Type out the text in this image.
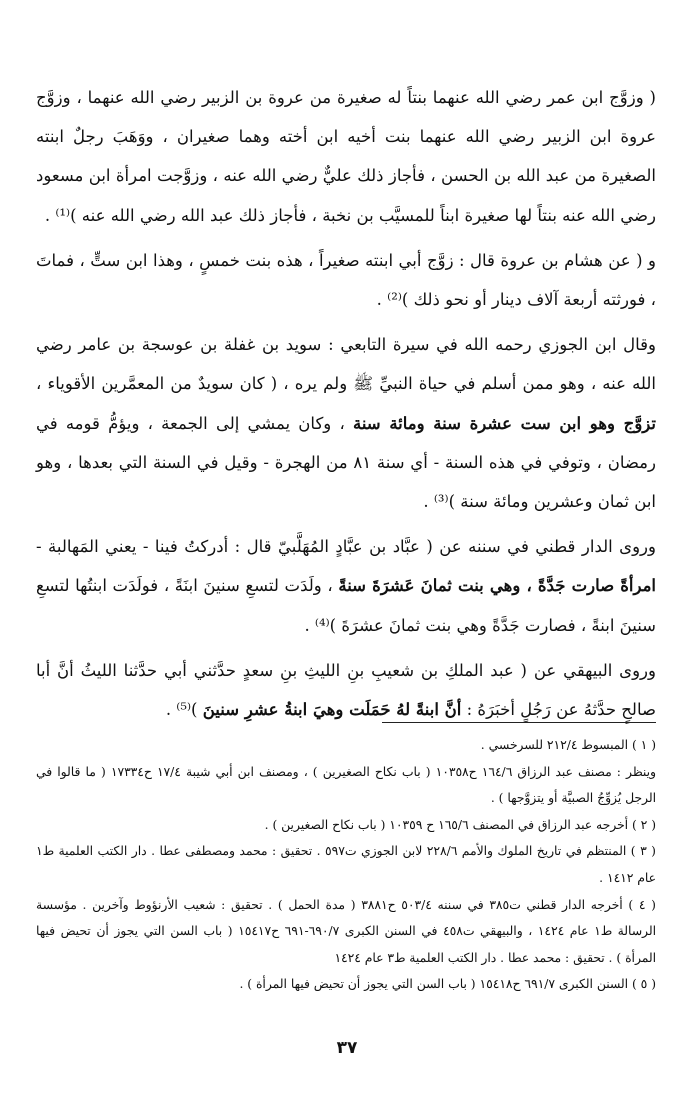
( وزوَّج ابن عمر رضي الله عنهما بنتاً له صغيرة من عروة بن الزبير رضي الله عنهما ، وزوَّج عروة ابن الزبير رضي الله عنهما بنت أخيه ابن أخته وهما صغيران ، ووَهَبَ رجلٌ ابنته الصغيرة من عبد الله بن الحسن ، فأجاز ذلك عليٌّ رضي الله عنه ، وزوَّجت امرأة ابن مسعود رضي الله عنه بنتاً لها صغيرة ابناً للمسيَّب بن نخبة ، فأجاز ذلك عبد الله رضي الله عنه )⁽¹⁾ .

و ( عن هشام بن عروة قال : زوَّج أبي ابنته صغيراً ، هذه بنت خمسٍ ، وهذا ابن ستٍّ ، فماتَ ، فورثته أربعة آلاف دينار أو نحو ذلك )⁽²⁾ .

وقال ابن الجوزي رحمه الله في سيرة التابعي : سويد بن غفلة بن عوسجة بن عامر رضي الله عنه ، وهو ممن أسلم في حياة النبيِّ ﷺ ولم يره ، ( كان سويدٌ من المعمَّرين الأقوياء ، تزوَّج وهو ابن ست عشرة سنة ومائة سنة ، وكان يمشي إلى الجمعة ، ويؤمُّ قومه في رمضان ، وتوفي في هذه السنة - أي سنة ٨١ من الهجرة - وقيل في السنة التي بعدها ، وهو ابن ثمان وعشرين ومائة سنة )⁽³⁾ .

وروى الدار قطني في سننه عن ( عبَّاد بن عبَّادٍ المُهَلَّبيّ قال : أدركتُ فينا - يعني المَهالبة - امرأةً صارت جَدَّةً ، وهي بنت ثمانَ عَشرَةَ سنةً ، ولَدَت لتسعِ سنينَ ابنَةً ، فولَدَت ابنتُها لتسعِ سنينَ ابنةً ، فصارت جَدَّةً وهي بنت ثمانَ عشرَةَ )⁽⁴⁾ .

وروى البيهقي عن ( عبد الملكِ بن شعيبِ بنِ الليثِ بنِ سعدٍ حدَّثني أبي حدَّثنا الليثُ أنَّ أبا صالحٍ حدَّثهُ عن رَجُلٍ أخبَرَهُ : أنَّ ابنةً لهُ حَمَلَت وهيَ ابنةُ عشرِ سنينَ )⁽⁵⁾ .

( ١ ) المبسوط ٢١٢/٤ للسرخسي .

وينظر : مصنف عبد الرزاق ١٦٤/٦ ح١٠٣٥٨ ( باب نكاح الصغيرين ) ، ومصنف ابن أبي شيبة ١٧/٤ ح١٧٣٣٤ ( ما قالوا في الرجل يُزوِّجُ الصبيَّة أو يتزوَّجها ) .

( ٢ ) أخرجه عبد الرزاق في المصنف ١٦٥/٦ ح ١٠٣٥٩ ( باب نكاح الصغيرين ) .

( ٣ ) المنتظم في تاريخ الملوك والأمم ٢٢٨/٦ لابن الجوزي ت٥٩٧ . تحقيق : محمد ومصطفى عطا . دار الكتب العلمية ط١ عام ١٤١٢ .

( ٤ ) أخرجه الدار قطني ت٣٨٥ في سننه ٥٠٣/٤ ح٣٨٨١ ( مدة الحمل ) . تحقيق : شعيب الأرنؤوط وآخرين . مؤسسة الرسالة ط١ عام ١٤٢٤ ، والبيهقي ت٤٥٨ في السنن الكبرى ٦٩٠/٧-٦٩١ ح١٥٤١٧ ( باب السن التي يجوز أن تحيض فيها المرأة ) . تحقيق : محمد عطا . دار الكتب العلمية ط٣ عام ١٤٢٤

( ٥ ) السنن الكبرى ٦٩١/٧ ح١٥٤١٨ ( باب السن التي يجوز أن تحيض فيها المرأة ) .

٣٧
